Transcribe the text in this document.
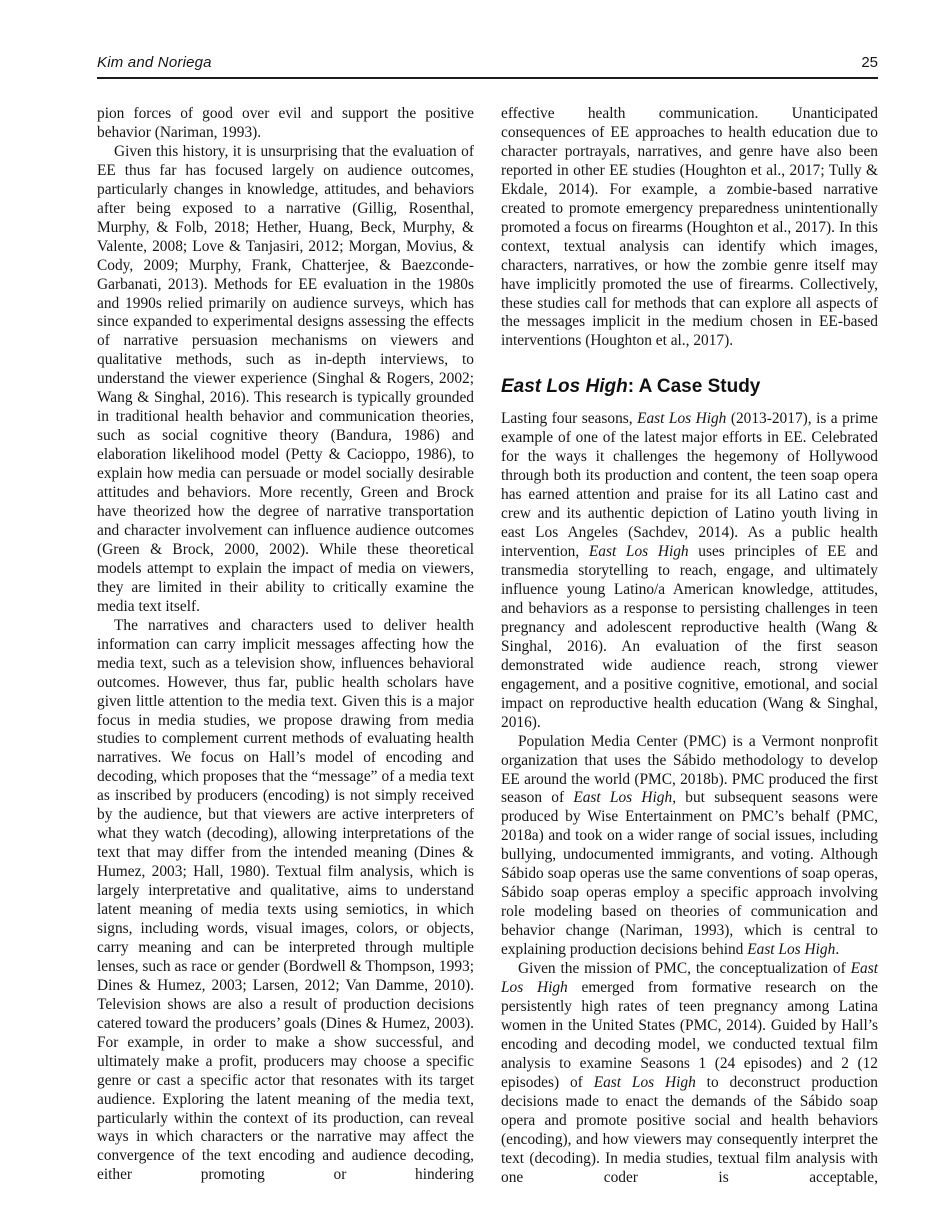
Kim and Noriega	25

pion forces of good over evil and support the positive behavior (Nariman, 1993).

Given this history, it is unsurprising that the evaluation of EE thus far has focused largely on audience outcomes, particularly changes in knowledge, attitudes, and behaviors after being exposed to a narrative (Gillig, Rosenthal, Murphy, & Folb, 2018; Hether, Huang, Beck, Murphy, & Valente, 2008; Love & Tanjasiri, 2012; Morgan, Movius, & Cody, 2009; Murphy, Frank, Chatterjee, & Baezconde-Garbanati, 2013). Methods for EE evaluation in the 1980s and 1990s relied primarily on audience surveys, which has since expanded to experimental designs assessing the effects of narrative persuasion mechanisms on viewers and qualitative methods, such as in-depth interviews, to understand the viewer experience (Singhal & Rogers, 2002; Wang & Singhal, 2016). This research is typically grounded in traditional health behavior and communication theories, such as social cognitive theory (Bandura, 1986) and elaboration likelihood model (Petty & Cacioppo, 1986), to explain how media can persuade or model socially desirable attitudes and behaviors. More recently, Green and Brock have theorized how the degree of narrative transportation and character involvement can influence audience outcomes (Green & Brock, 2000, 2002). While these theoretical models attempt to explain the impact of media on viewers, they are limited in their ability to critically examine the media text itself.

The narratives and characters used to deliver health information can carry implicit messages affecting how the media text, such as a television show, influences behavioral outcomes. However, thus far, public health scholars have given little attention to the media text. Given this is a major focus in media studies, we propose drawing from media studies to complement current methods of evaluating health narratives. We focus on Hall’s model of encoding and decoding, which proposes that the “message” of a media text as inscribed by producers (encoding) is not simply received by the audience, but that viewers are active interpreters of what they watch (decoding), allowing interpretations of the text that may differ from the intended meaning (Dines & Humez, 2003; Hall, 1980). Textual film analysis, which is largely interpretative and qualitative, aims to understand latent meaning of media texts using semiotics, in which signs, including words, visual images, colors, or objects, carry meaning and can be interpreted through multiple lenses, such as race or gender (Bordwell & Thompson, 1993; Dines & Humez, 2003; Larsen, 2012; Van Damme, 2010). Television shows are also a result of production decisions catered toward the producers’ goals (Dines & Humez, 2003). For example, in order to make a show successful, and ultimately make a profit, producers may choose a specific genre or cast a specific actor that resonates with its target audience. Exploring the latent meaning of the media text, particularly within the context of its production, can reveal ways in which characters or the narrative may affect the convergence of the text encoding and audience decoding, either promoting or hindering

effective health communication. Unanticipated consequences of EE approaches to health education due to character portrayals, narratives, and genre have also been reported in other EE studies (Houghton et al., 2017; Tully & Ekdale, 2014). For example, a zombie-based narrative created to promote emergency preparedness unintentionally promoted a focus on firearms (Houghton et al., 2017). In this context, textual analysis can identify which images, characters, narratives, or how the zombie genre itself may have implicitly promoted the use of firearms. Collectively, these studies call for methods that can explore all aspects of the messages implicit in the medium chosen in EE-based interventions (Houghton et al., 2017).

East Los High: A Case Study

Lasting four seasons, East Los High (2013-2017), is a prime example of one of the latest major efforts in EE. Celebrated for the ways it challenges the hegemony of Hollywood through both its production and content, the teen soap opera has earned attention and praise for its all Latino cast and crew and its authentic depiction of Latino youth living in east Los Angeles (Sachdev, 2014). As a public health intervention, East Los High uses principles of EE and transmedia storytelling to reach, engage, and ultimately influence young Latino/a American knowledge, attitudes, and behaviors as a response to persisting challenges in teen pregnancy and adolescent reproductive health (Wang & Singhal, 2016). An evaluation of the first season demonstrated wide audience reach, strong viewer engagement, and a positive cognitive, emotional, and social impact on reproductive health education (Wang & Singhal, 2016).

Population Media Center (PMC) is a Vermont nonprofit organization that uses the Sábido methodology to develop EE around the world (PMC, 2018b). PMC produced the first season of East Los High, but subsequent seasons were produced by Wise Entertainment on PMC’s behalf (PMC, 2018a) and took on a wider range of social issues, including bullying, undocumented immigrants, and voting. Although Sábido soap operas use the same conventions of soap operas, Sábido soap operas employ a specific approach involving role modeling based on theories of communication and behavior change (Nariman, 1993), which is central to explaining production decisions behind East Los High.

Given the mission of PMC, the conceptualization of East Los High emerged from formative research on the persistently high rates of teen pregnancy among Latina women in the United States (PMC, 2014). Guided by Hall’s encoding and decoding model, we conducted textual film analysis to examine Seasons 1 (24 episodes) and 2 (12 episodes) of East Los High to deconstruct production decisions made to enact the demands of the Sábido soap opera and promote positive social and health behaviors (encoding), and how viewers may consequently interpret the text (decoding). In media studies, textual film analysis with one coder is acceptable,
